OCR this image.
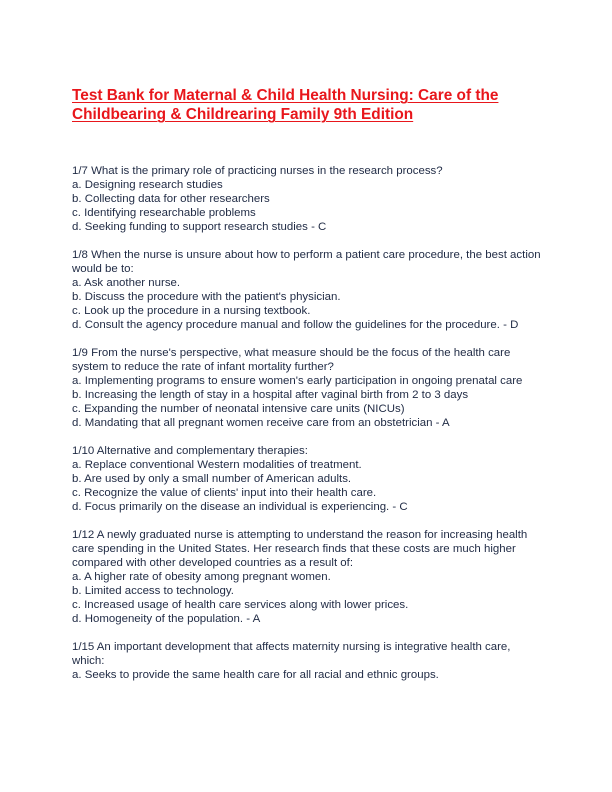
Test Bank for Maternal & Child Health Nursing: Care of the Childbearing & Childrearing Family 9th Edition
1/7 What is the primary role of practicing nurses in the research process?
a. Designing research studies
b. Collecting data for other researchers
c. Identifying researchable problems
d. Seeking funding to support research studies - C
1/8 When the nurse is unsure about how to perform a patient care procedure, the best action would be to:
a. Ask another nurse.
b. Discuss the procedure with the patient's physician.
c. Look up the procedure in a nursing textbook.
d. Consult the agency procedure manual and follow the guidelines for the procedure. - D
1/9 From the nurse's perspective, what measure should be the focus of the health care system to reduce the rate of infant mortality further?
a. Implementing programs to ensure women's early participation in ongoing prenatal care
b. Increasing the length of stay in a hospital after vaginal birth from 2 to 3 days
c. Expanding the number of neonatal intensive care units (NICUs)
d. Mandating that all pregnant women receive care from an obstetrician - A
1/10 Alternative and complementary therapies:
a. Replace conventional Western modalities of treatment.
b. Are used by only a small number of American adults.
c. Recognize the value of clients' input into their health care.
d. Focus primarily on the disease an individual is experiencing. - C
1/12 A newly graduated nurse is attempting to understand the reason for increasing health care spending in the United States. Her research finds that these costs are much higher compared with other developed countries as a result of:
a. A higher rate of obesity among pregnant women.
b. Limited access to technology.
c. Increased usage of health care services along with lower prices.
d. Homogeneity of the population. - A
1/15 An important development that affects maternity nursing is integrative health care, which:
a. Seeks to provide the same health care for all racial and ethnic groups.
